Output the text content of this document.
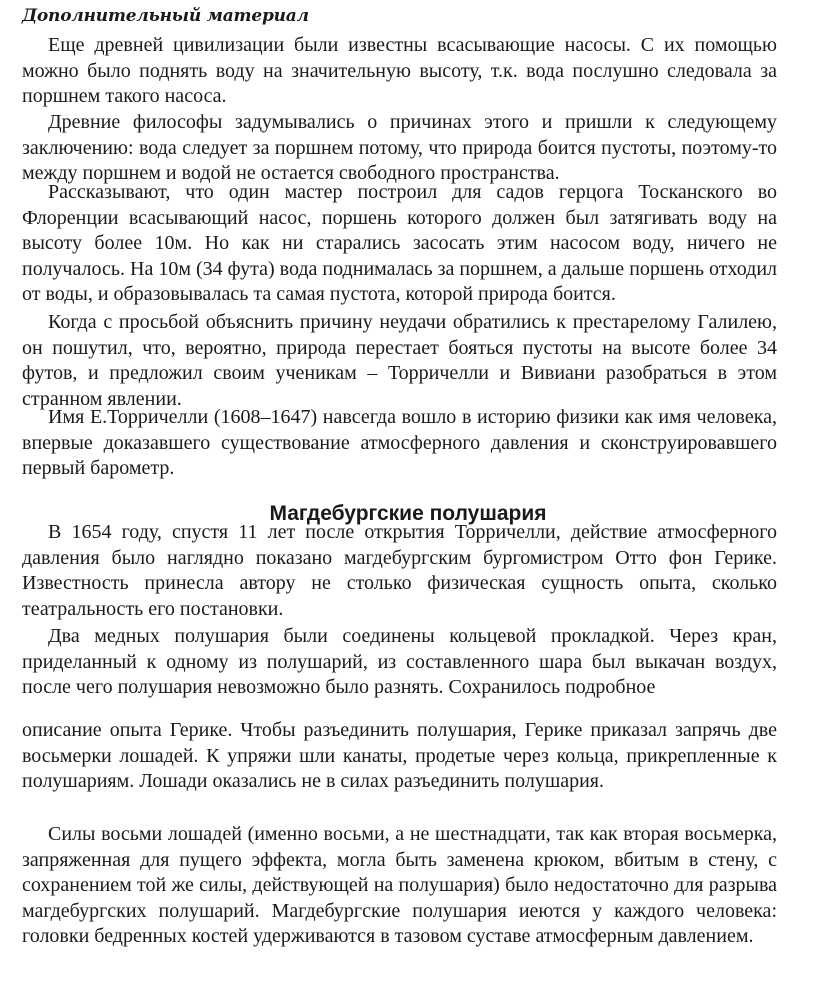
Дополнительный материал

Еще древней цивилизации были известны всасывающие насосы. С их помощью можно было поднять воду на значительную высоту, т.к. вода послушно следовала за поршнем такого насоса.

Древние философы задумывались о причинах этого и пришли к следующему заключению: вода следует за поршнем потому, что природа боится пустоты, поэтому-то между поршнем и водой не остается свободного пространства.

Рассказывают, что один мастер построил для садов герцога Тосканского во Флоренции всасывающий насос, поршень которого должен был затягивать воду на высоту более 10м. Но как ни старались засосать этим насосом воду, ничего не получалось. На 10м (34 фута) вода поднималась за поршнем, а дальше поршень отходил от воды, и образовывалась та самая пустота, которой природа боится.

Когда с просьбой объяснить причину неудачи обратились к престарелому Галилею, он пошутил, что, вероятно, природа перестает бояться пустоты на высоте более 34 футов, и предложил своим ученикам – Торричелли и Вивиани разобраться в этом странном явлении.

Имя Е.Торричелли (1608–1647) навсегда вошло в историю физики как имя человека, впервые доказавшего существование атмосферного давления и сконструировавшего первый барометр.

Магдебургские полушария

В 1654 году, спустя 11 лет после открытия Торричелли, действие атмосферного давления было наглядно показано магдебургским бургомистром Отто фон Герике. Известность принесла автору не столько физическая сущность опыта, сколько театральность его постановки.

Два медных полушария были соединены кольцевой прокладкой. Через кран, приделанный к одному из полушарий, из составленного шара был выкачан воздух, после чего полушария невозможно было разнять. Сохранилось подробное

описание опыта Герике. Чтобы разъединить полушария, Герике приказал запрячь две восьмерки лошадей. К упряжи шли канаты, продетые через кольца, прикрепленные к полушариям. Лошади оказались не в силах разъединить полушария.

Силы восьми лошадей (именно восьми, а не шестнадцати, так как вторая восьмерка, запряженная для пущего эффекта, могла быть заменена крюком, вбитым в стену, с сохранением той же силы, действующей на полушария) было недостаточно для разрыва магдебургских полушарий. Магдебургские полушария иеются у каждого человека: головки бедренных костей удерживаются в тазовом суставе атмосферным давлением.
